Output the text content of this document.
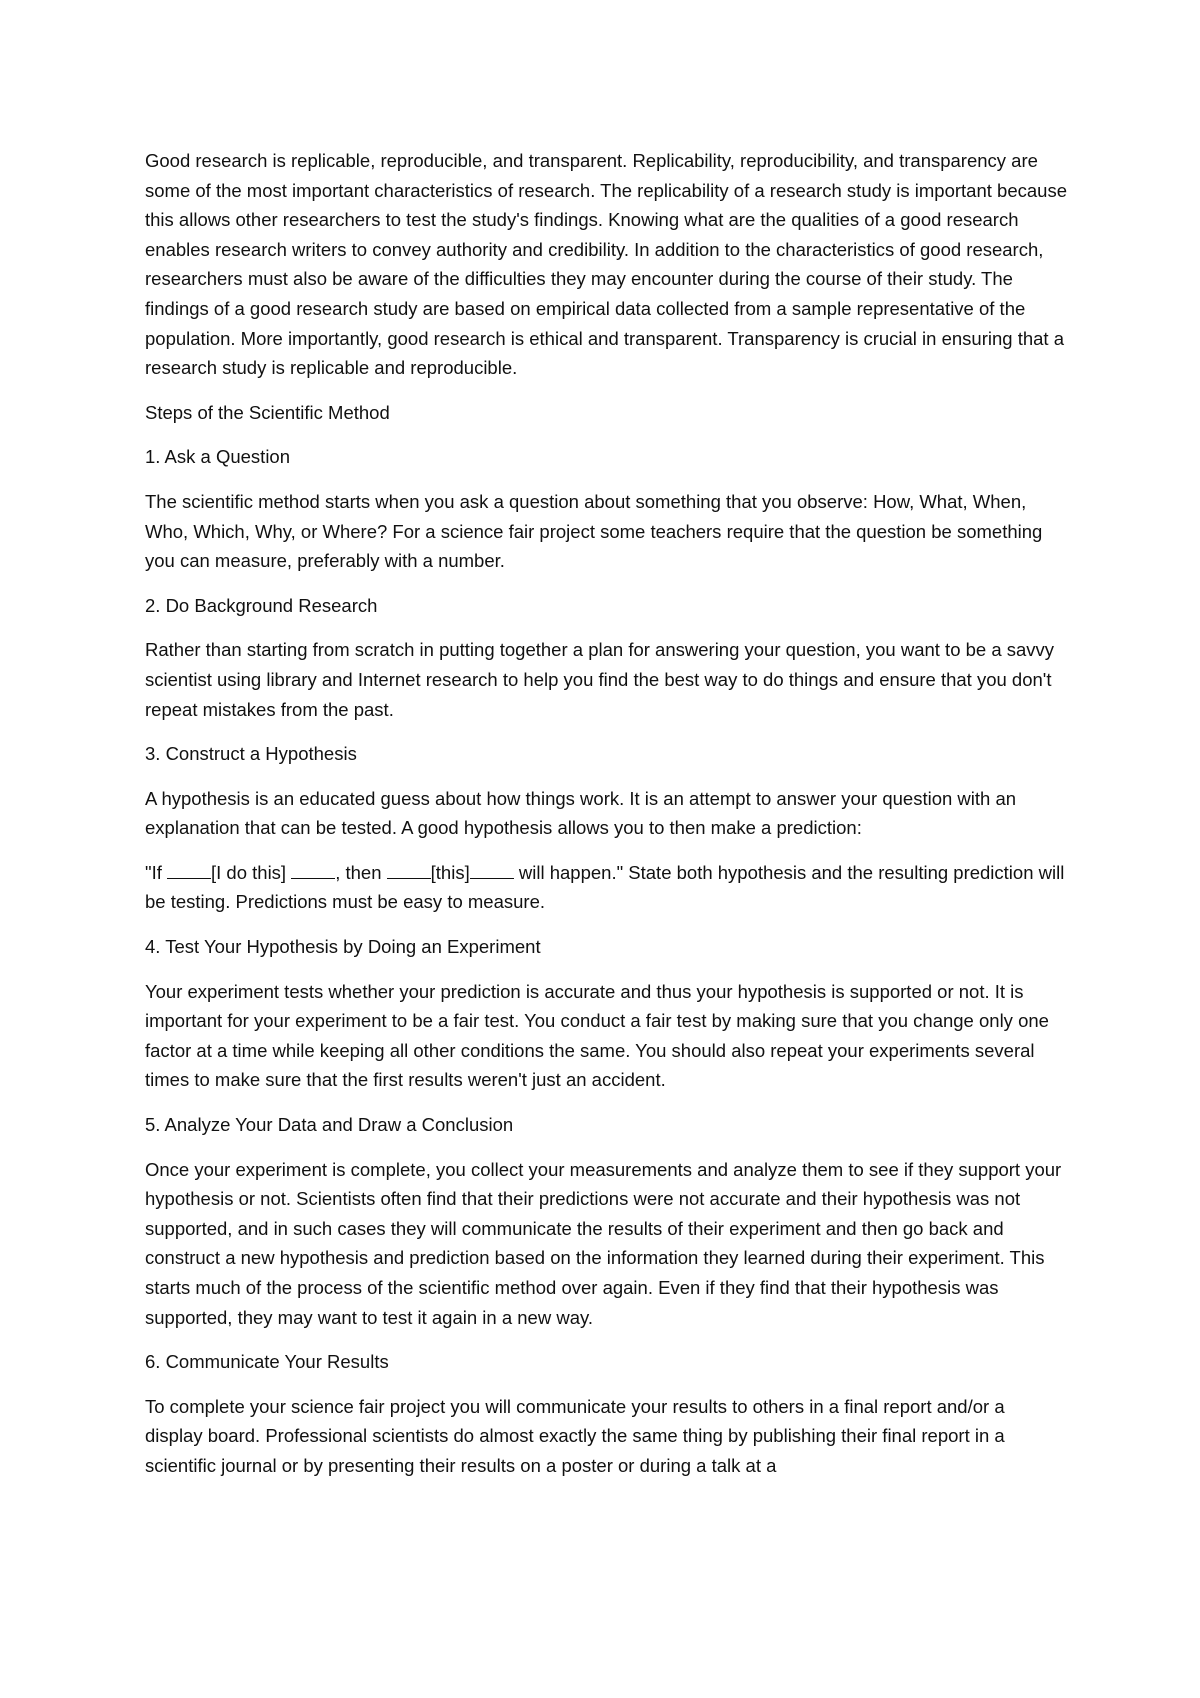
Good research is replicable, reproducible, and transparent. Replicability, reproducibility, and transparency are some of the most important characteristics of research. The replicability of a research study is important because this allows other researchers to test the study's findings. Knowing what are the qualities of a good research enables research writers to convey authority and credibility. In addition to the characteristics of good research, researchers must also be aware of the difficulties they may encounter during the course of their study. The findings of a good research study are based on empirical data collected from a sample representative of the population. More importantly, good research is ethical and transparent. Transparency is crucial in ensuring that a research study is replicable and reproducible.

Steps of the Scientific Method

1. Ask a Question

The scientific method starts when you ask a question about something that you observe: How, What, When, Who, Which, Why, or Where? For a science fair project some teachers require that the question be something you can measure, preferably with a number.

2. Do Background Research

Rather than starting from scratch in putting together a plan for answering your question, you want to be a savvy scientist using library and Internet research to help you find the best way to do things and ensure that you don't repeat mistakes from the past.

3. Construct a Hypothesis

A hypothesis is an educated guess about how things work. It is an attempt to answer your question with an explanation that can be tested. A good hypothesis allows you to then make a prediction:

"If [I do this] , then [this] will happen." State both hypothesis and the resulting prediction will be testing. Predictions must be easy to measure.

4. Test Your Hypothesis by Doing an Experiment

Your experiment tests whether your prediction is accurate and thus your hypothesis is supported or not. It is important for your experiment to be a fair test. You conduct a fair test by making sure that you change only one factor at a time while keeping all other conditions the same. You should also repeat your experiments several times to make sure that the first results weren't just an accident.

5. Analyze Your Data and Draw a Conclusion

Once your experiment is complete, you collect your measurements and analyze them to see if they support your hypothesis or not. Scientists often find that their predictions were not accurate and their hypothesis was not supported, and in such cases they will communicate the results of their experiment and then go back and construct a new hypothesis and prediction based on the information they learned during their experiment. This starts much of the process of the scientific method over again. Even if they find that their hypothesis was supported, they may want to test it again in a new way.

6. Communicate Your Results

To complete your science fair project you will communicate your results to others in a final report and/or a display board. Professional scientists do almost exactly the same thing by publishing their final report in a scientific journal or by presenting their results on a poster or during a talk at a
